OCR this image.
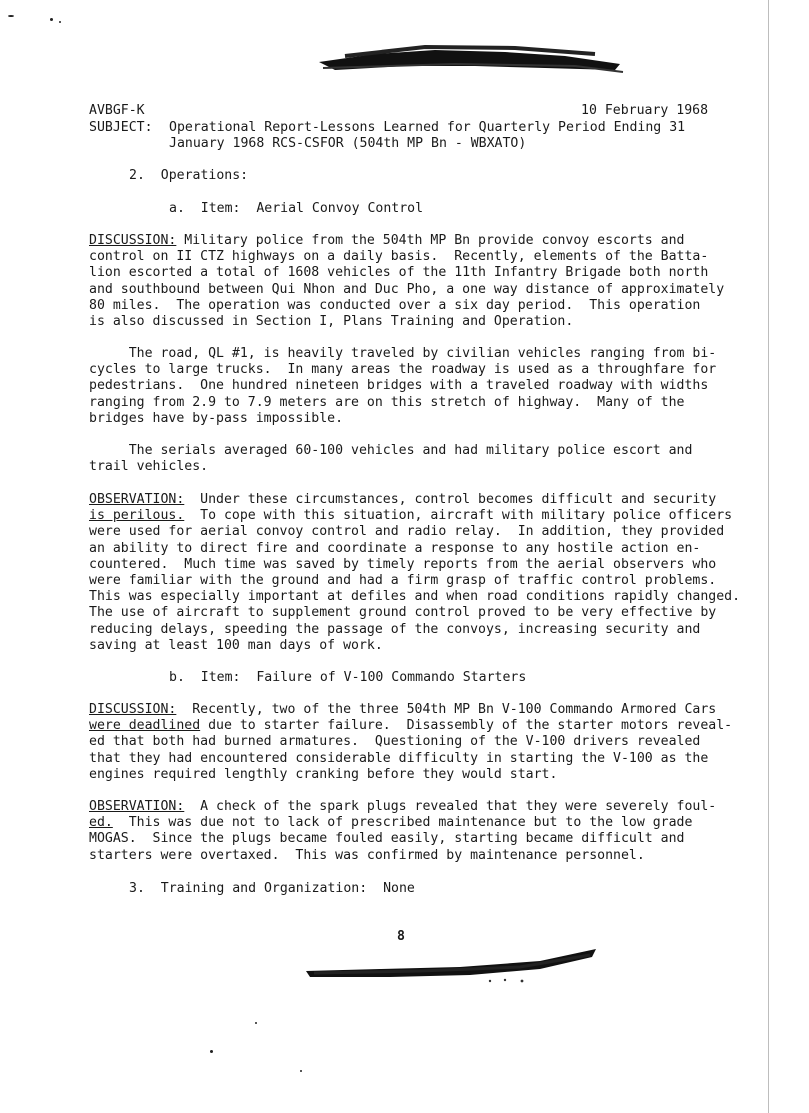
AVBGF-K	10 February 1968
SUBJECT: Operational Report-Lessons Learned for Quarterly Period Ending 31
January 1968 RCS-CSFOR (504th MP Bn - WBXATO)
2.  Operations:
a.  Item:  Aerial Convoy Control
DISCUSSION: Military police from the 504th MP Bn provide convoy escorts and
control on II CTZ highways on a daily basis.  Recently, elements of the Batta-
lion escorted a total of 1608 vehicles of the 11th Infantry Brigade both north
and southbound between Qui Nhon and Duc Pho, a one way distance of approximately
80 miles.  The operation was conducted over a six day period.  This operation
is also discussed in Section I, Plans Training and Operation.
The road, QL #1, is heavily traveled by civilian vehicles ranging from bi-
cycles to large trucks.  In many areas the roadway is used as a throughfare for
pedestrians.  One hundred nineteen bridges with a traveled roadway with widths
ranging from 2.9 to 7.9 meters are on this stretch of highway.  Many of the
bridges have by-pass impossible.
The serials averaged 60-100 vehicles and had military police escort and
trail vehicles.
OBSERVATION:  Under these circumstances, control becomes difficult and security
is perilous.  To cope with this situation, aircraft with military police officers
were used for aerial convoy control and radio relay.  In addition, they provided
an ability to direct fire and coordinate a response to any hostile action en-
countered.  Much time was saved by timely reports from the aerial observers who
were familiar with the ground and had a firm grasp of traffic control problems.
This was especially important at defiles and when road conditions rapidly changed.
The use of aircraft to supplement ground control proved to be very effective by
reducing delays, speeding the passage of the convoys, increasing security and
saving at least 100 man days of work.
b.  Item:  Failure of V-100 Commando Starters
DISCUSSION:  Recently, two of the three 504th MP Bn V-100 Commando Armored Cars
were deadlined due to starter failure.  Disassembly of the starter motors reveal-
ed that both had burned armatures.  Questioning of the V-100 drivers revealed
that they had encountered considerable difficulty in starting the V-100 as the
engines required lengthly cranking before they would start.
OBSERVATION:  A check of the spark plugs revealed that they were severely foul-
ed.  This was due not to lack of prescribed maintenance but to the low grade
MOGAS.  Since the plugs became fouled easily, starting became difficult and
starters were overtaxed.  This was confirmed by maintenance personnel.
3.  Training and Organization:  None
8
